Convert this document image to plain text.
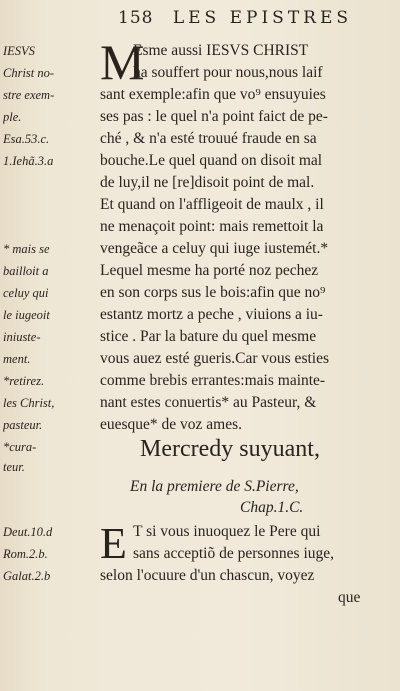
158 LES EPISTRES
M
IESVS	Esme aussi IESVS CHRIST
Christ no-	ha souffert pour nous,nous laif
stre exem-	sant exemple:afin que vo⁹ ensuyuies
ple.	ses pas : le quel n'a point faict de pe-
Esa.53.c.	ché , & n'a esté trouué fraude en sa
1.Iehã.3.a	bouche.Le quel quand on disoit mal
de luy,il ne [re]disoit point de mal.
Et quand on l'affligeoit de maulx , il
ne menaçoit point: mais remettoit la
* mais se	vengeãce a celuy qui iuge iustemét.*
bailloit a	Lequel mesme ha porté noz pechez
celuy qui	en son corps sus le bois:afin que no⁹
le iugeoit	estantz mortz a peche , viuions a iu-
iniuste-	stice . Par la bature du quel mesme
ment.	vous auez esté gueris.Car vous esties
*retirez.	comme brebis errantes:mais mainte-
les Christ,	nant estes conuertis* au Pasteur, &
pasteur.	euesque* de voz ames.
*cura-
teur.
Mercredy suyuant,
En la premiere de S.Pierre,
Chap.1.C.
E
Deut.10.d	T si vous inuoquez le Pere qui
Rom.2.b.	sans acceptiõ de personnes iuge,
Galat.2.b	selon l'ocuure d'un chascun, voyez
que
